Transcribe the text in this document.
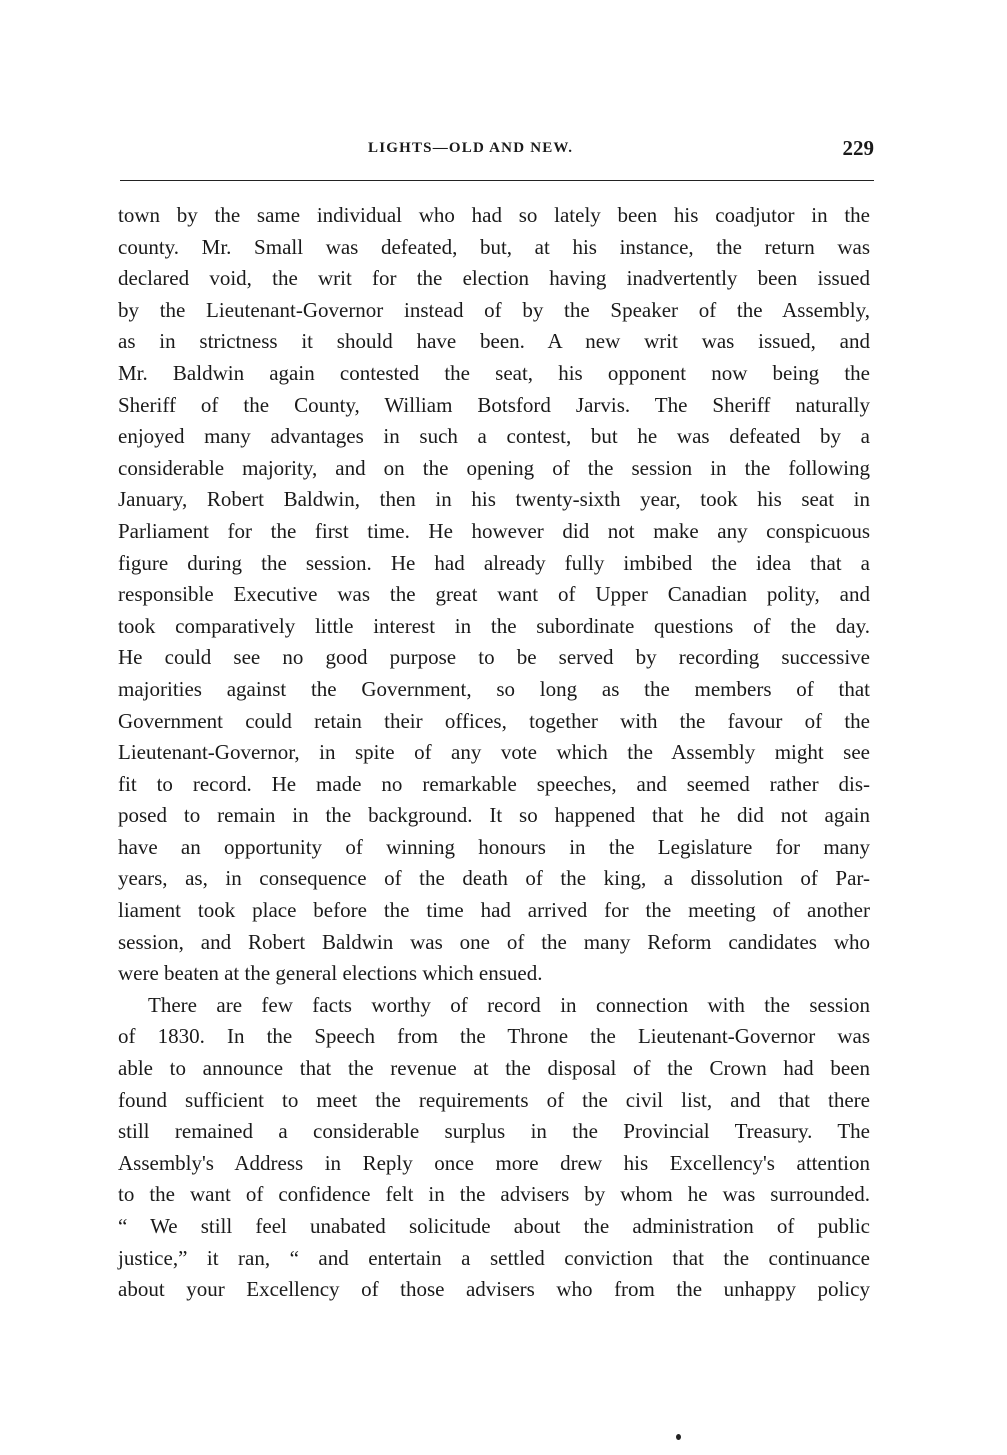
LIGHTS—OLD AND NEW.	229
town by the same individual who had so lately been his coadjutor in the
county. Mr. Small was defeated, but, at his instance, the return was
declared void, the writ for the election having inadvertently been issued
by the Lieutenant-Governor instead of by the Speaker of the Assembly,
as in strictness it should have been. A new writ was issued, and
Mr. Baldwin again contested the seat, his opponent now being the
Sheriff of the County, William Botsford Jarvis. The Sheriff naturally
enjoyed many advantages in such a contest, but he was defeated by a
considerable majority, and on the opening of the session in the following
January, Robert Baldwin, then in his twenty-sixth year, took his seat in
Parliament for the first time. He however did not make any conspicuous
figure during the session. He had already fully imbibed the idea that a
responsible Executive was the great want of Upper Canadian polity, and
took comparatively little interest in the subordinate questions of the day.
He could see no good purpose to be served by recording successive
majorities against the Government, so long as the members of that
Government could retain their offices, together with the favour of the
Lieutenant-Governor, in spite of any vote which the Assembly might see
fit to record. He made no remarkable speeches, and seemed rather dis-
posed to remain in the background. It so happened that he did not again
have an opportunity of winning honours in the Legislature for many
years, as, in consequence of the death of the king, a dissolution of Par-
liament took place before the time had arrived for the meeting of another
session, and Robert Baldwin was one of the many Reform candidates who
were beaten at the general elections which ensued.
There are few facts worthy of record in connection with the session
of 1830. In the Speech from the Throne the Lieutenant-Governor was
able to announce that the revenue at the disposal of the Crown had been
found sufficient to meet the requirements of the civil list, and that there
still remained a considerable surplus in the Provincial Treasury. The
Assembly's Address in Reply once more drew his Excellency's attention
to the want of confidence felt in the advisers by whom he was surrounded.
“ We still feel unabated solicitude about the administration of public
justice,” it ran, “ and entertain a settled conviction that the continuance
about your Excellency of those advisers who from the unhappy policy
